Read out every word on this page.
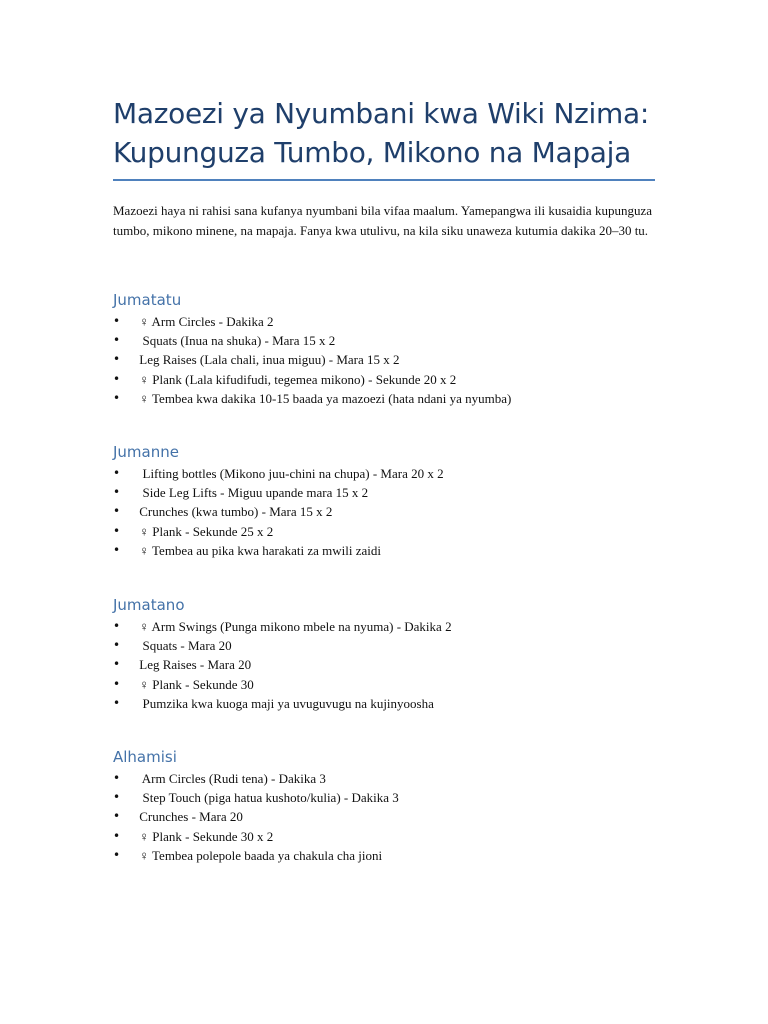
Mazoezi ya Nyumbani kwa Wiki Nzima: Kupunguza Tumbo, Mikono na Mapaja

Mazoezi haya ni rahisi sana kufanya nyumbani bila vifaa maalum. Yamepangwa ili kusaidia kupunguza tumbo, mikono minene, na mapaja. Fanya kwa utulivu, na kila siku unaweza kutumia dakika 20–30 tu.

Jumatatu
• ♀ Arm Circles - Dakika 2
• Squats (Inua na shuka) - Mara 15 x 2
• Leg Raises (Lala chali, inua miguu) - Mara 15 x 2
• ♀ Plank (Lala kifudifudi, tegemea mikono) - Sekunde 20 x 2
• ♀ Tembea kwa dakika 10-15 baada ya mazoezi (hata ndani ya nyumba)
Jumanne
• Lifting bottles (Mikono juu-chini na chupa) - Mara 20 x 2
• Side Leg Lifts - Miguu upande mara 15 x 2
• Crunches (kwa tumbo) - Mara 15 x 2
• ♀ Plank - Sekunde 25 x 2
• ♀ Tembea au pika kwa harakati za mwili zaidi
Jumatano
• ♀ Arm Swings (Punga mikono mbele na nyuma) - Dakika 2
• Squats - Mara 20
• Leg Raises - Mara 20
• ♀ Plank - Sekunde 30
• Pumzika kwa kuoga maji ya uvuguvugu na kujinyoosha
Alhamisi
• Arm Circles (Rudi tena) - Dakika 3
• Step Touch (piga hatua kushoto/kulia) - Dakika 3
• Crunches - Mara 20
• ♀ Plank - Sekunde 30 x 2
• ♀ Tembea polepole baada ya chakula cha jioni
